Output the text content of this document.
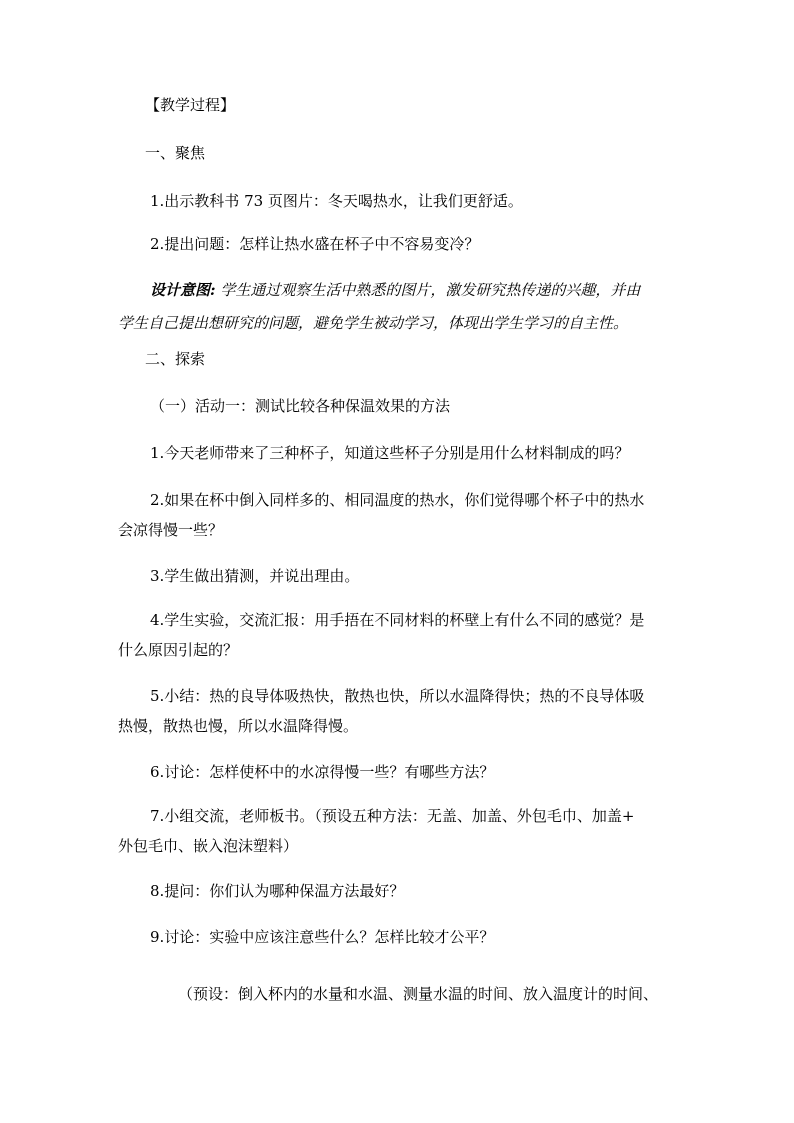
【教学过程】
一、聚焦
1.出示教科书 73 页图片：冬天喝热水，让我们更舒适。
2.提出问题：怎样让热水盛在杯子中不容易变冷？
设计意图: 学生通过观察生活中熟悉的图片，激发研究热传递的兴趣，并由
学生自己提出想研究的问题，避免学生被动学习，体现出学生学习的自主性。
二、探索
（一）活动一：测试比较各种保温效果的方法
1.今天老师带来了三种杯子，知道这些杯子分别是用什么材料制成的吗？
2.如果在杯中倒入同样多的、相同温度的热水，你们觉得哪个杯子中的热水
会凉得慢一些？
3.学生做出猜测，并说出理由。
4.学生实验，交流汇报：用手捂在不同材料的杯壁上有什么不同的感觉？是
什么原因引起的？
5.小结：热的良导体吸热快，散热也快，所以水温降得快；热的不良导体吸
热慢，散热也慢，所以水温降得慢。
6.讨论：怎样使杯中的水凉得慢一些？有哪些方法？
7.小组交流，老师板书。（预设五种方法：无盖、加盖、外包毛巾、加盖+
外包毛巾、嵌入泡沫塑料）
8.提问：你们认为哪种保温方法最好？
9.讨论：实验中应该注意些什么？怎样比较才公平？
（预设：倒入杯内的水量和水温、测量水温的时间、放入温度计的时间、
